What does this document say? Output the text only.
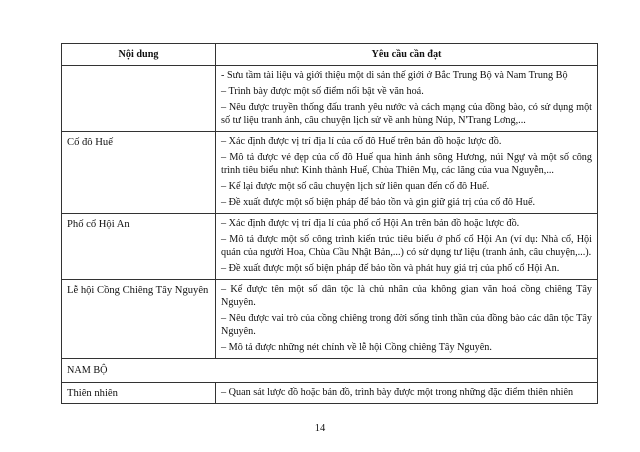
Nội dung	Yêu cầu cần đạt

	- Sưu tầm tài liệu và giới thiệu một di sản thế giới ở Bắc Trung Bộ và Nam Trung Bộ
– Trình bày được một số điểm nổi bật về văn hoá.
– Nêu được truyền thống đấu tranh yêu nước và cách mạng của đồng bào, có sử dụng một số tư liệu tranh ảnh, câu chuyện lịch sử về anh hùng Núp, N'Trang Lơng,...

Cố đô Huế	– Xác định được vị trí địa lí của cố đô Huế trên bản đồ hoặc lược đồ.
– Mô tả được vẻ đẹp của cố đô Huế qua hình ảnh sông Hương, núi Ngự và một số công trình tiêu biểu như: Kinh thành Huế, Chùa Thiên Mụ, các lăng của vua Nguyễn,...
– Kể lại được một số câu chuyện lịch sử liên quan đến cố đô Huế.
– Đề xuất được một số biện pháp để bảo tồn và gìn giữ giá trị của cố đô Huế.

Phố cổ Hội An	– Xác định được vị trí địa lí của phố cổ Hội An trên bản đồ hoặc lược đồ.
– Mô tả được một số công trình kiến trúc tiêu biểu ở phố cổ Hội An (ví dụ: Nhà cổ, Hội quán của người Hoa, Chùa Cầu Nhật Bản,...) có sử dụng tư liệu (tranh ảnh, câu chuyện,...).
– Đề xuất được một số biện pháp để bảo tồn và phát huy giá trị của phố cổ Hội An.

Lễ hội Cồng Chiêng Tây Nguyên	– Kể được tên một số dân tộc là chủ nhân của không gian văn hoá cồng chiêng Tây Nguyên.
– Nêu được vai trò của cồng chiêng trong đời sống tinh thần của đồng bào các dân tộc Tây Nguyên.
– Mô tả được những nét chính về lễ hội Cồng chiêng Tây Nguyên.

NAM BỘ	
Thiên nhiên	– Quan sát lược đồ hoặc bản đồ, trình bày được một trong những đặc điểm thiên nhiên
14
